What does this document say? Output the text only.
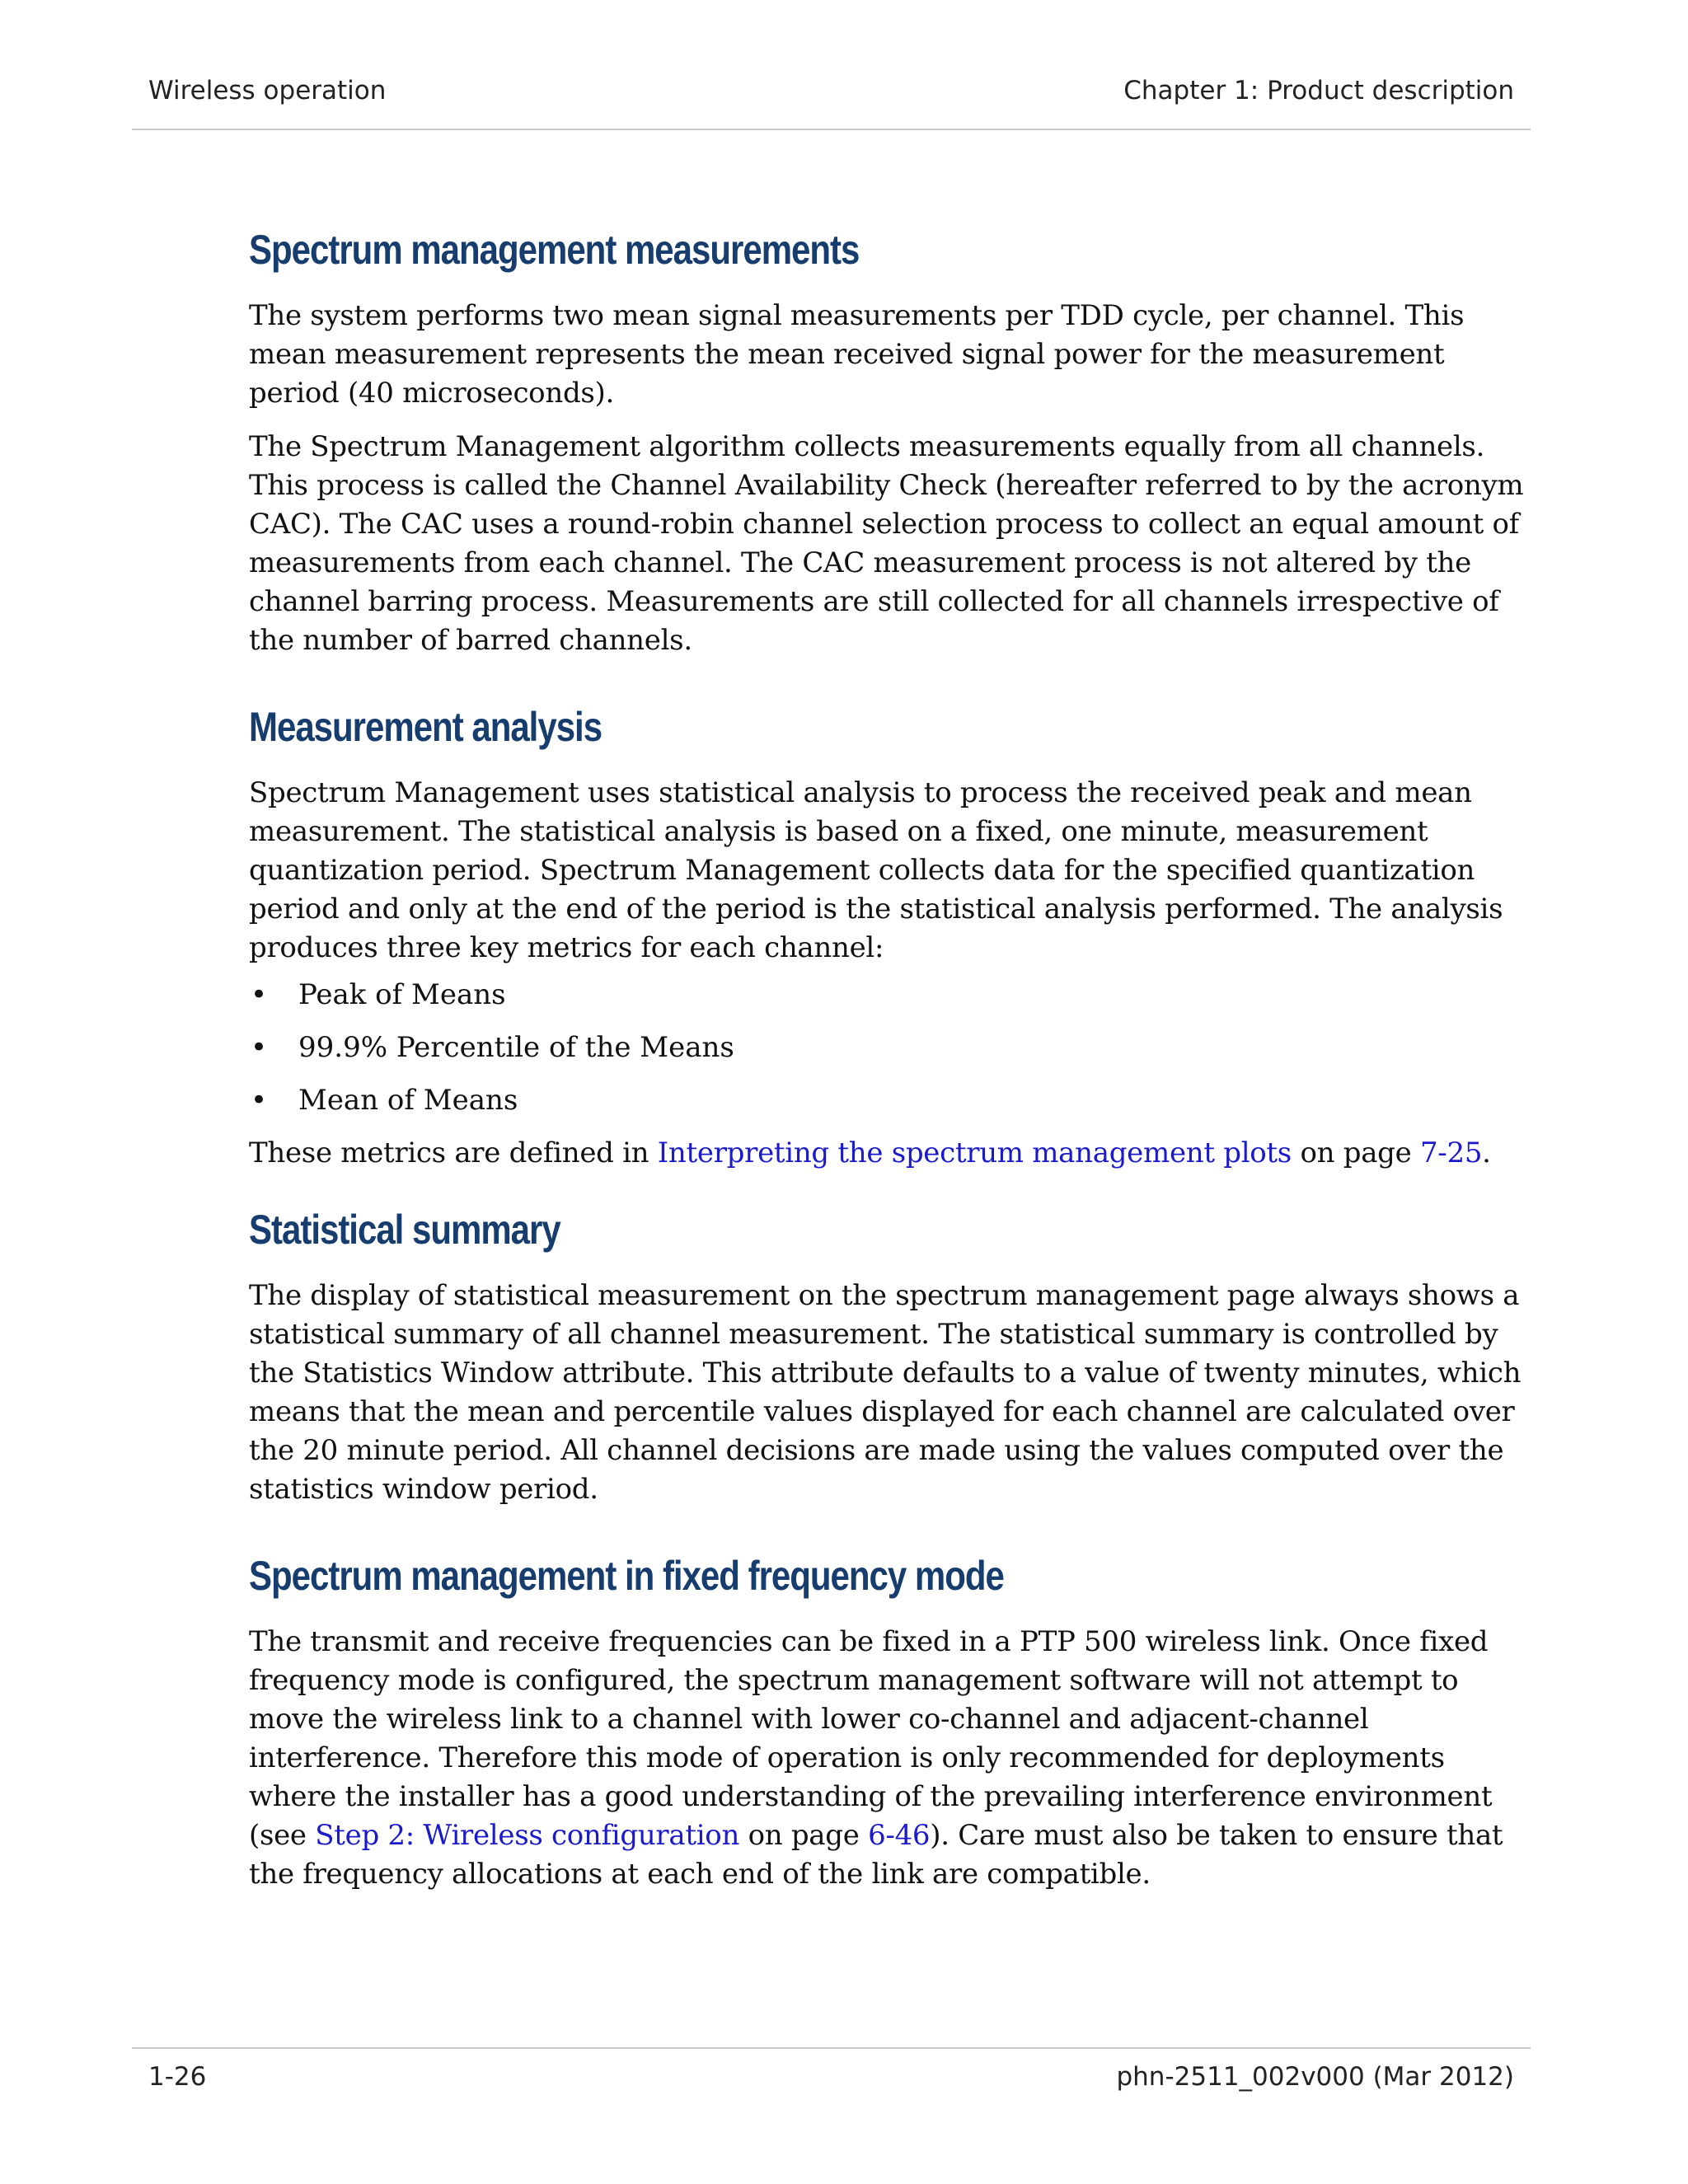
Wireless operation	Chapter 1: Product description
Spectrum management measurements

The system performs two mean signal measurements per TDD cycle, per channel. This mean measurement represents the mean received signal power for the measurement period (40 microseconds).

The Spectrum Management algorithm collects measurements equally from all channels. This process is called the Channel Availability Check (hereafter referred to by the acronym CAC). The CAC uses a round-robin channel selection process to collect an equal amount of measurements from each channel. The CAC measurement process is not altered by the channel barring process. Measurements are still collected for all channels irrespective of the number of barred channels.

Measurement analysis

Spectrum Management uses statistical analysis to process the received peak and mean measurement. The statistical analysis is based on a fixed, one minute, measurement quantization period. Spectrum Management collects data for the specified quantization period and only at the end of the period is the statistical analysis performed. The analysis produces three key metrics for each channel:

• Peak of Means
• 99.9% Percentile of the Means
• Mean of Means

These metrics are defined in Interpreting the spectrum management plots on page 7-25.

Statistical summary

The display of statistical measurement on the spectrum management page always shows a statistical summary of all channel measurement. The statistical summary is controlled by the Statistics Window attribute. This attribute defaults to a value of twenty minutes, which means that the mean and percentile values displayed for each channel are calculated over the 20 minute period. All channel decisions are made using the values computed over the statistics window period.

Spectrum management in fixed frequency mode

The transmit and receive frequencies can be fixed in a PTP 500 wireless link. Once fixed frequency mode is configured, the spectrum management software will not attempt to move the wireless link to a channel with lower co-channel and adjacent-channel interference. Therefore this mode of operation is only recommended for deployments where the installer has a good understanding of the prevailing interference environment (see Step 2: Wireless configuration on page 6-46). Care must also be taken to ensure that the frequency allocations at each end of the link are compatible.

1-26	phn-2511_002v000 (Mar 2012)
